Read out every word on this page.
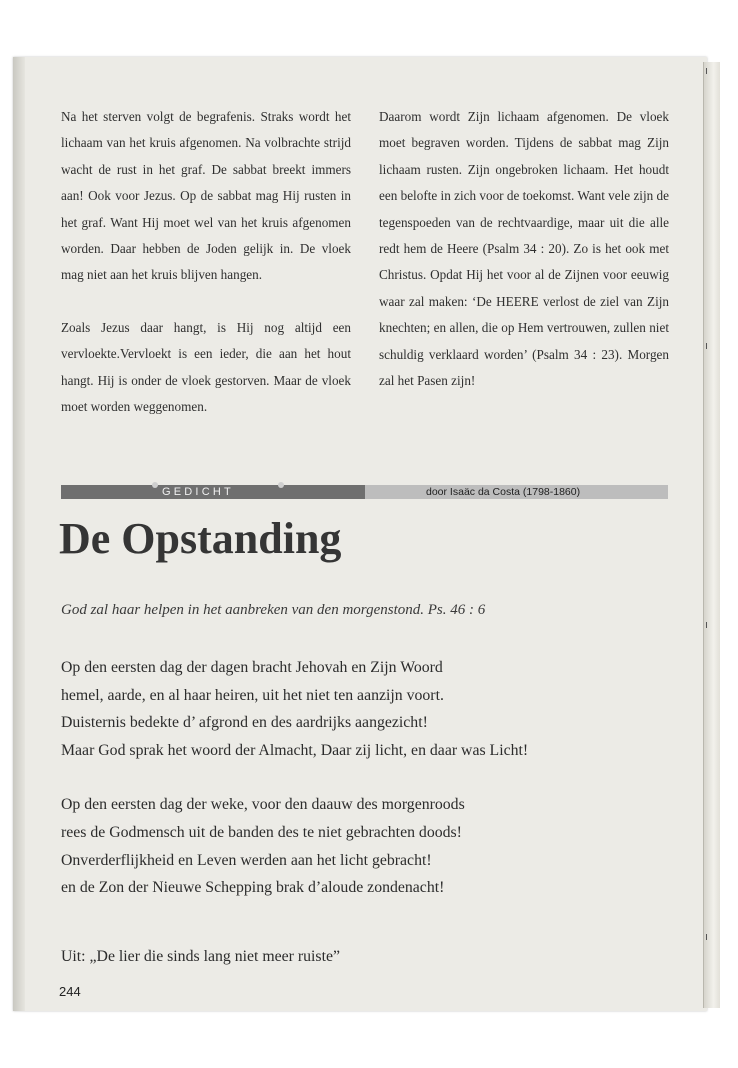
Na het sterven volgt de begrafenis. Straks wordt het lichaam van het kruis afgenomen. Na volbrachte strijd wacht de rust in het graf. De sabbat breekt immers aan! Ook voor Jezus. Op de sabbat mag Hij rusten in het graf. Want Hij moet wel van het kruis afgenomen worden. Daar hebben de Joden gelijk in. De vloek mag niet aan het kruis blijven hangen.

Zoals Jezus daar hangt, is Hij nog altijd een vervloekte.Vervloekt is een ieder, die aan het hout hangt. Hij is onder de vloek gestorven. Maar de vloek moet worden weggenomen.

Daarom wordt Zijn lichaam afgenomen. De vloek moet begraven worden. Tijdens de sabbat mag Zijn lichaam rusten. Zijn ongebroken lichaam. Het houdt een belofte in zich voor de toekomst. Want vele zijn de tegenspoeden van de rechtvaardige, maar uit die alle redt hem de Heere (Psalm 34 : 20). Zo is het ook met Christus. Opdat Hij het voor al de Zijnen voor eeuwig waar zal maken: ‘De HEERE verlost de ziel van Zijn knechten; en allen, die op Hem vertrouwen, zullen niet schuldig verklaard worden’ (Psalm 34 : 23). Morgen zal het Pasen zijn!

GEDICHT	door Isaäc da Costa (1798-1860)
De Opstanding
God zal haar helpen in het aanbreken van den morgenstond. Ps. 46 : 6
Op den eersten dag der dagen bracht Jehovah en Zijn Woord
hemel, aarde, en al haar heiren, uit het niet ten aanzijn voort.
Duisternis bedekte d’ afgrond en des aardrijks aangezicht!
Maar God sprak het woord der Almacht, Daar zij licht, en daar was Licht!
Op den eersten dag der weke, voor den daauw des morgenroods
rees de Godmensch uit de banden des te niet gebrachten doods!
Onverderflijkheid en Leven werden aan het licht gebracht!
en de Zon der Nieuwe Schepping brak d’aloude zondenacht!
Uit: „De lier die sinds lang niet meer ruiste”
244
